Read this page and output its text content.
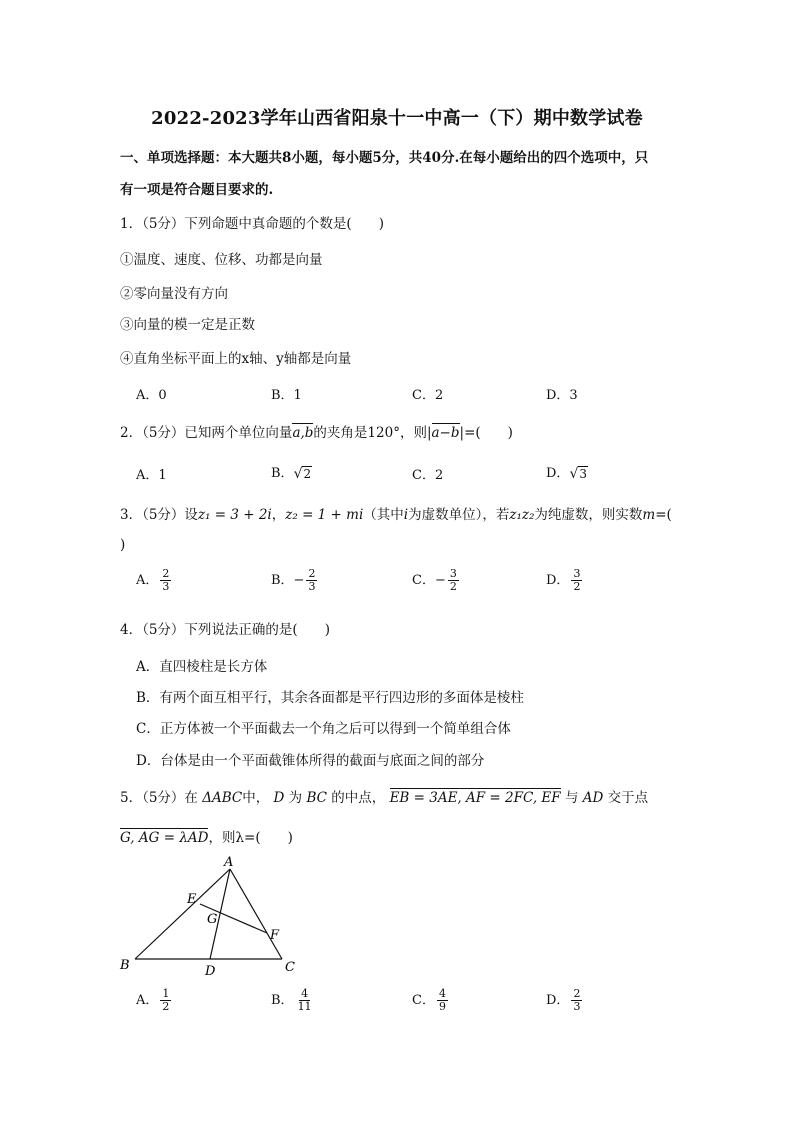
2022-2023学年山西省阳泉十一中高一（下）期中数学试卷
一、单项选择题：本大题共8小题，每小题5分，共40分.在每小题给出的四个选项中，只
有一项是符合题目要求的.
1．（5分）下列命题中真命题的个数是(　　)
①温度、速度、位移、功都是向量
②零向量没有方向
③向量的模一定是正数
④直角坐标平面上的x轴、y轴都是向量
A．0	B．1	C．2	D．3
2．（5分）已知两个单位向量a,b的夹角是120°，则|a−b|=(　　)
A．1	B．√2	C．2	D．√3
3．（5分）设z₁ = 3 + 2i，z₂ = 1 + mi（其中i为虚数单位），若z₁z₂为纯虚数，则实数m=(
)
A． $\frac{2}{3}$	B．− $\frac{2}{3}$	C．− $\frac{3}{2}$	D． $\frac{3}{2}$
4．（5分）下列说法正确的是(　　)
A．直四棱柱是长方体
B．有两个面互相平行，其余各面都是平行四边形的多面体是棱柱
C．正方体被一个平面截去一个角之后可以得到一个简单组合体
D．台体是由一个平面截锥体所得的截面与底面之间的部分
5．（5分）在 ΔABC中， D 为 BC 的中点， EB = 3AE, AF = 2FC, EF 与 AD 交于点
G, AG = λAD，则λ=(　　)
A
E
G
F
B	D	C
A． $\frac{1}{2}$	B． $\frac{4}{11}$	C． $\frac{4}{9}$	D． $\frac{2}{3}$
